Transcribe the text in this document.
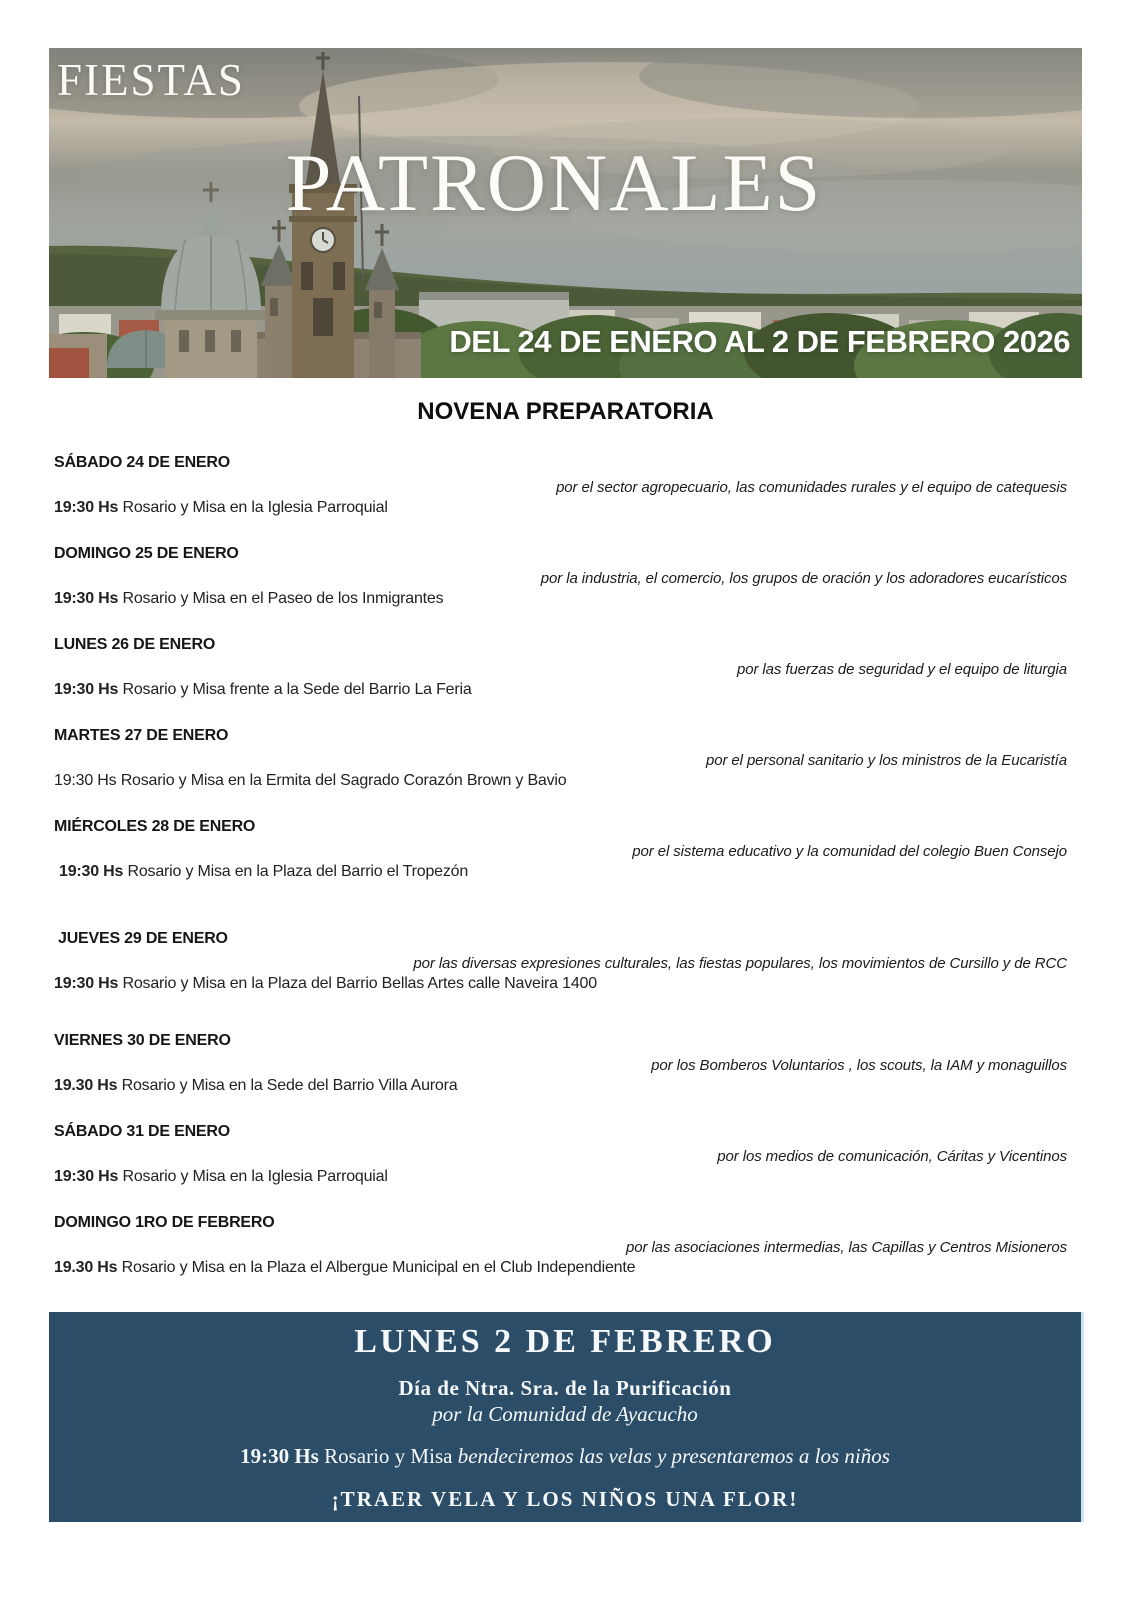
FIESTAS
PATRONALES
DEL 24 DE ENERO AL 2 DE FEBRERO 2026
NOVENA PREPARATORIA
SÁBADO 24 DE ENERO
por el sector agropecuario, las comunidades rurales y el equipo de catequesis
19:30 Hs Rosario y Misa en la Iglesia Parroquial
DOMINGO 25 DE ENERO
por la industria, el comercio, los grupos de oración y los adoradores eucarísticos
19:30 Hs Rosario y Misa en el Paseo de los Inmigrantes
LUNES 26 DE ENERO
por las fuerzas de seguridad y el equipo de liturgia
19:30 Hs Rosario y Misa frente a la Sede del Barrio La Feria
MARTES 27 DE ENERO
por el personal sanitario y los ministros de la Eucaristía
19:30 Hs Rosario y Misa en la Ermita del Sagrado Corazón Brown y Bavio
MIÉRCOLES 28 DE ENERO
por el sistema educativo y la comunidad del colegio Buen Consejo
19:30 Hs Rosario y Misa en la Plaza del Barrio el Tropezón
JUEVES 29 DE ENERO
por las diversas expresiones culturales, las fiestas populares, los movimientos de Cursillo y de RCC
19:30 Hs Rosario y Misa en la Plaza del Barrio Bellas Artes calle Naveira 1400
VIERNES 30 DE ENERO
por los Bomberos Voluntarios , los scouts, la IAM y monaguillos
19.30 Hs Rosario y Misa en la Sede del Barrio Villa Aurora
SÁBADO 31 DE ENERO
por los medios de comunicación, Cáritas y Vicentinos
19:30 Hs Rosario y Misa en la Iglesia Parroquial
DOMINGO 1RO DE FEBRERO
por las asociaciones intermedias, las Capillas y Centros Misioneros
19.30 Hs Rosario y Misa en la Plaza el Albergue Municipal en el Club Independiente
LUNES 2 DE FEBRERO
Día de Ntra. Sra. de la Purificación
por la Comunidad de Ayacucho
19:30 Hs Rosario y Misa bendeciremos las velas y presentaremos a los niños
¡TRAER VELA Y LOS NIÑOS UNA FLOR!
